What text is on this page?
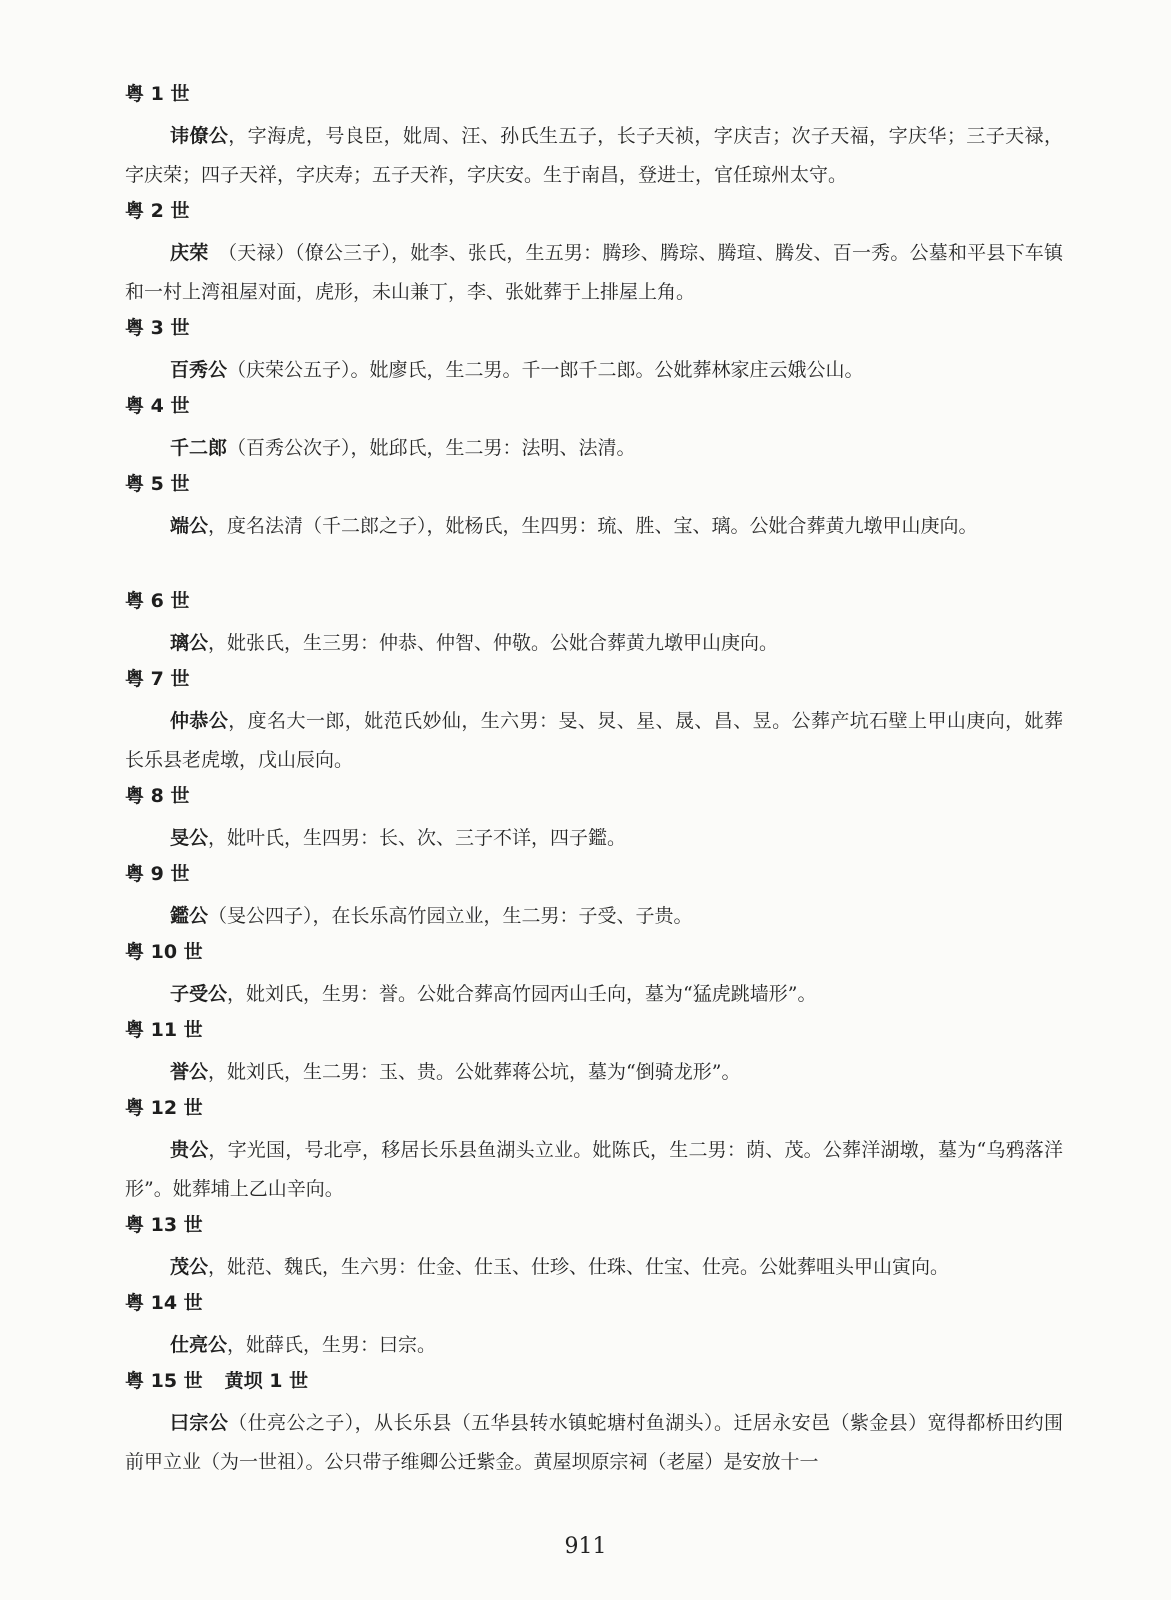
粤 1 世
讳僚公，字海虎，号良臣，妣周、汪、孙氏生五子，长子天祯，字庆吉；次子天福，字庆华；三子天禄，字庆荣；四子天祥，字庆寿；五子天祚，字庆安。生于南昌，登进士，官任琼州太守。
粤 2 世
庆荣　（天禄）（僚公三子），妣李、张氏，生五男：腾珍、腾琮、腾瑄、腾发、百一秀。公墓和平县下车镇和一村上湾祖屋对面，虎形，未山兼丁，李、张妣葬于上排屋上角。
粤 3 世
百秀公（庆荣公五子）。妣廖氏，生二男。千一郎千二郎。公妣葬林家庄云娥公山。
粤 4 世
千二郎（百秀公次子），妣邱氏，生二男：法明、法清。
粤 5 世
端公，度名法清（千二郎之子），妣杨氏，生四男：琉、胜、宝、璃。公妣合葬黄九墩甲山庚向。
粤 6 世
璃公，妣张氏，生三男：仲恭、仲智、仲敬。公妣合葬黄九墩甲山庚向。
粤 7 世
仲恭公，度名大一郎，妣范氏妙仙，生六男：旻、炅、星、晟、昌、昱。公葬产坑石壁上甲山庚向，妣葬长乐县老虎墩，戊山辰向。
粤 8 世
旻公，妣叶氏，生四男：长、次、三子不详，四子鑑。
粤 9 世
鑑公（旻公四子），在长乐高竹园立业，生二男：子受、子贵。
粤 10 世
子受公，妣刘氏，生男：誉。公妣合葬高竹园丙山壬向，墓为“猛虎跳墙形”。
粤 11 世
誉公，妣刘氏，生二男：玉、贵。公妣葬蒋公坑，墓为“倒骑龙形”。
粤 12 世
贵公，字光国，号北亭，移居长乐县鱼湖头立业。妣陈氏，生二男：荫、茂。公葬洋湖墩，墓为“乌鸦落洋形”。妣葬埔上乙山辛向。
粤 13 世
茂公，妣范、魏氏，生六男：仕金、仕玉、仕珍、仕珠、仕宝、仕亮。公妣葬咀头甲山寅向。
粤 14 世
仕亮公，妣薛氏，生男：曰宗。
粤 15 世 黄坝 1 世
曰宗公（仕亮公之子），从长乐县（五华县转水镇蛇塘村鱼湖头）。迁居永安邑（紫金县）宽得都桥田约围前甲立业（为一世祖）。公只带子维卿公迁紫金。黄屋坝原宗祠（老屋）是安放十一
911
